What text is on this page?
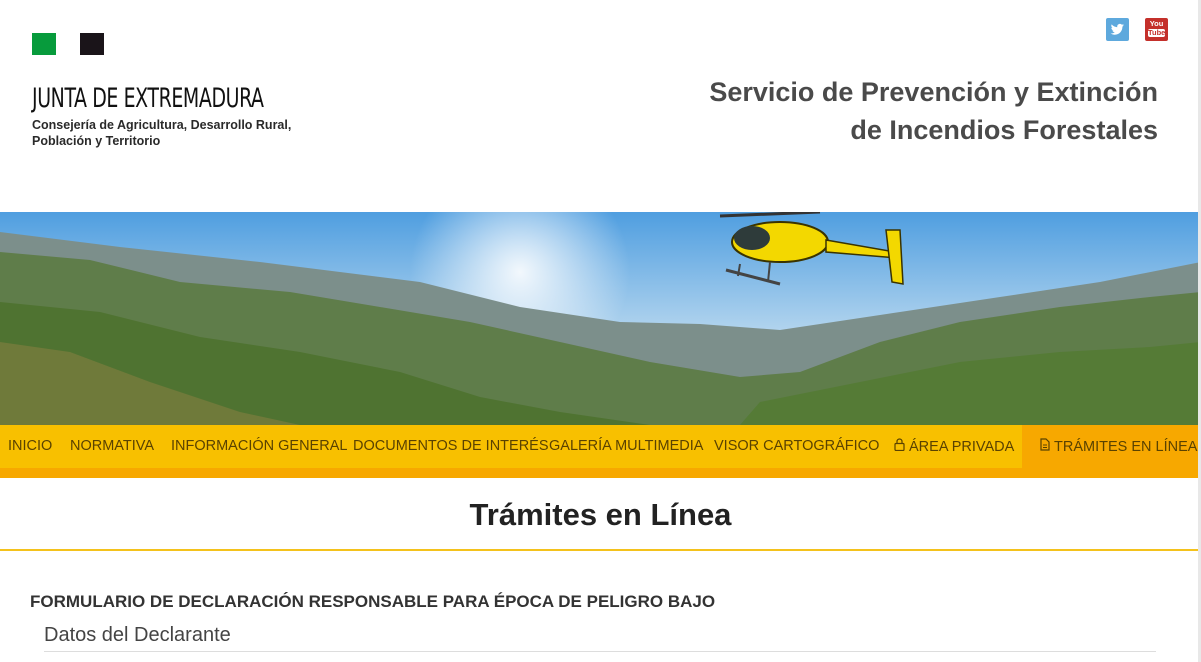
JUNTA DE EXTREMADURA
Consejería de Agricultura, Desarrollo Rural,
Población y Territorio
You
Tube
Servicio de Prevención y Extinción
de Incendios Forestales
INICIO NORMATIVA INFORMACIÓN GENERAL DOCUMENTOS DE INTERÉS GALERÍA MULTIMEDIA VISOR CARTOGRÁFICO	ÁREA PRIVADA	TRÁMITES EN LÍNEA
Trámites en Línea
FORMULARIO DE DECLARACIÓN RESPONSABLE PARA ÉPOCA DE PELIGRO BAJO
Datos del Declarante
